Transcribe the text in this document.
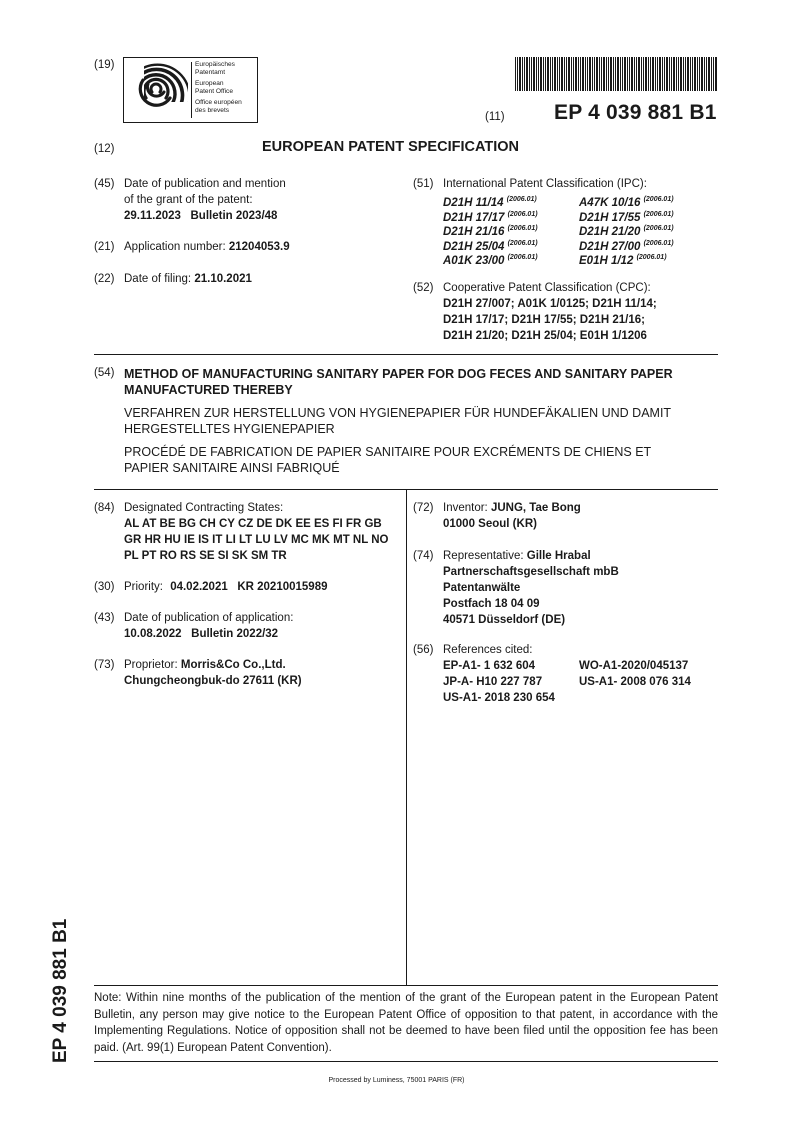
(19)	Europäisches
Patentamt
European
Patent Office
Office européen
des brevets
(11) EP 4 039 881 B1
(12)	EUROPEAN PATENT SPECIFICATION
(45) Date of publication and mention
of the grant of the patent:
29.11.2023   Bulletin 2023/48
(21) Application number: 21204053.9
(22) Date of filing: 21.10.2021
(51) International Patent Classification (IPC):
D21H 11/14 $^{(2006.01)}$	A47K 10/16 $^{(2006.01)}$
D21H 17/17 $^{(2006.01)}$	D21H 17/55 $^{(2006.01)}$
D21H 21/16 $^{(2006.01)}$	D21H 21/20 $^{(2006.01)}$
D21H 25/04 $^{(2006.01)}$	D21H 27/00 $^{(2006.01)}$
A01K 23/00 $^{(2006.01)}$	E01H 1/12 $^{(2006.01)}$
(52) Cooperative Patent Classification (CPC):
D21H 27/007; A01K 1/0125; D21H 11/14;
D21H 17/17; D21H 17/55; D21H 21/16;
D21H 21/20; D21H 25/04; E01H 1/1206
(54) METHOD OF MANUFACTURING SANITARY PAPER FOR DOG FECES AND SANITARY PAPER
MANUFACTURED THEREBY
VERFAHREN ZUR HERSTELLUNG VON HYGIENEPAPIER FÜR HUNDEFÄKALIEN UND DAMIT
HERGESTELLTES HYGIENEPAPIER
PROCÉDÉ DE FABRICATION DE PAPIER SANITAIRE POUR EXCRÉMENTS DE CHIENS ET
PAPIER SANITAIRE AINSI FABRIQUÉ
(84) Designated Contracting States:
AL AT BE BG CH CY CZ DE DK EE ES FI FR GB
GR HR HU IE IS IT LI LT LU LV MC MK MT NL NO
PL PT RO RS SE SI SK SM TR
(30) Priority: 04.02.2021   KR 20210015989
(43) Date of publication of application:
10.08.2022   Bulletin 2022/32
(73) Proprietor: Morris&Co Co.,Ltd.
Chungcheongbuk-do 27611 (KR)
(72) Inventor: JUNG, Tae Bong
01000 Seoul (KR)
(74) Representative: Gille Hrabal
Partnerschaftsgesellschaft mbB
Patentanwälte
Postfach 18 04 09
40571 Düsseldorf (DE)
(56) References cited:
EP-A1- 1 632 604	WO-A1-2020/045137
JP-A- H10 227 787	US-A1- 2008 076 314
US-A1- 2018 230 654
Note: Within nine months of the publication of the mention of the grant of the European patent in the European Patent Bulletin, any person may give notice to the European Patent Office of opposition to that patent, in accordance with the Implementing Regulations. Notice of opposition shall not be deemed to have been filed until the opposition fee has been paid. (Art. 99(1) European Patent Convention).
EP 4 039 881 B1
Processed by Luminess, 75001 PARIS (FR)
